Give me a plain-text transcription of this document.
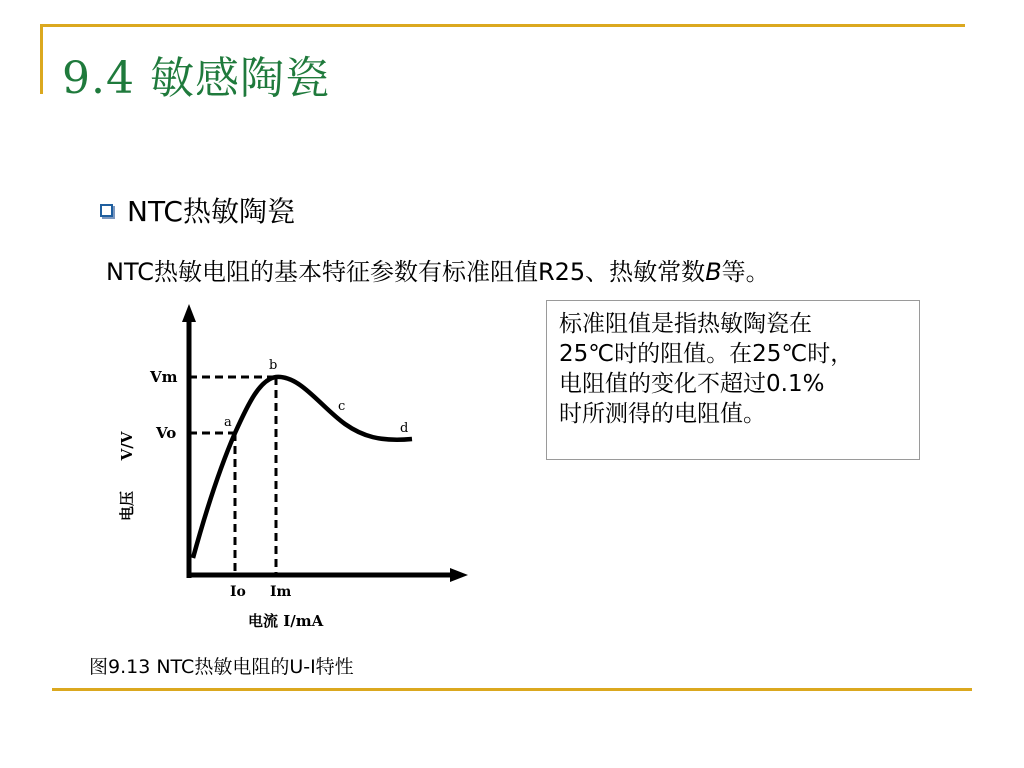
9.4 敏感陶瓷
NTC热敏陶瓷
NTC热敏电阻的基本特征参数有标准阻值R25、热敏常数B等。
标准阻值是指热敏陶瓷在
25℃时的阻值。在25℃时，
电阻值的变化不超过0.1%
时所测得的电阻值。
b
a
c
d
Vm
Vo
Io Im
电流 I/mA
V/V
电压
图9.13 NTC热敏电阻的U-I特性
